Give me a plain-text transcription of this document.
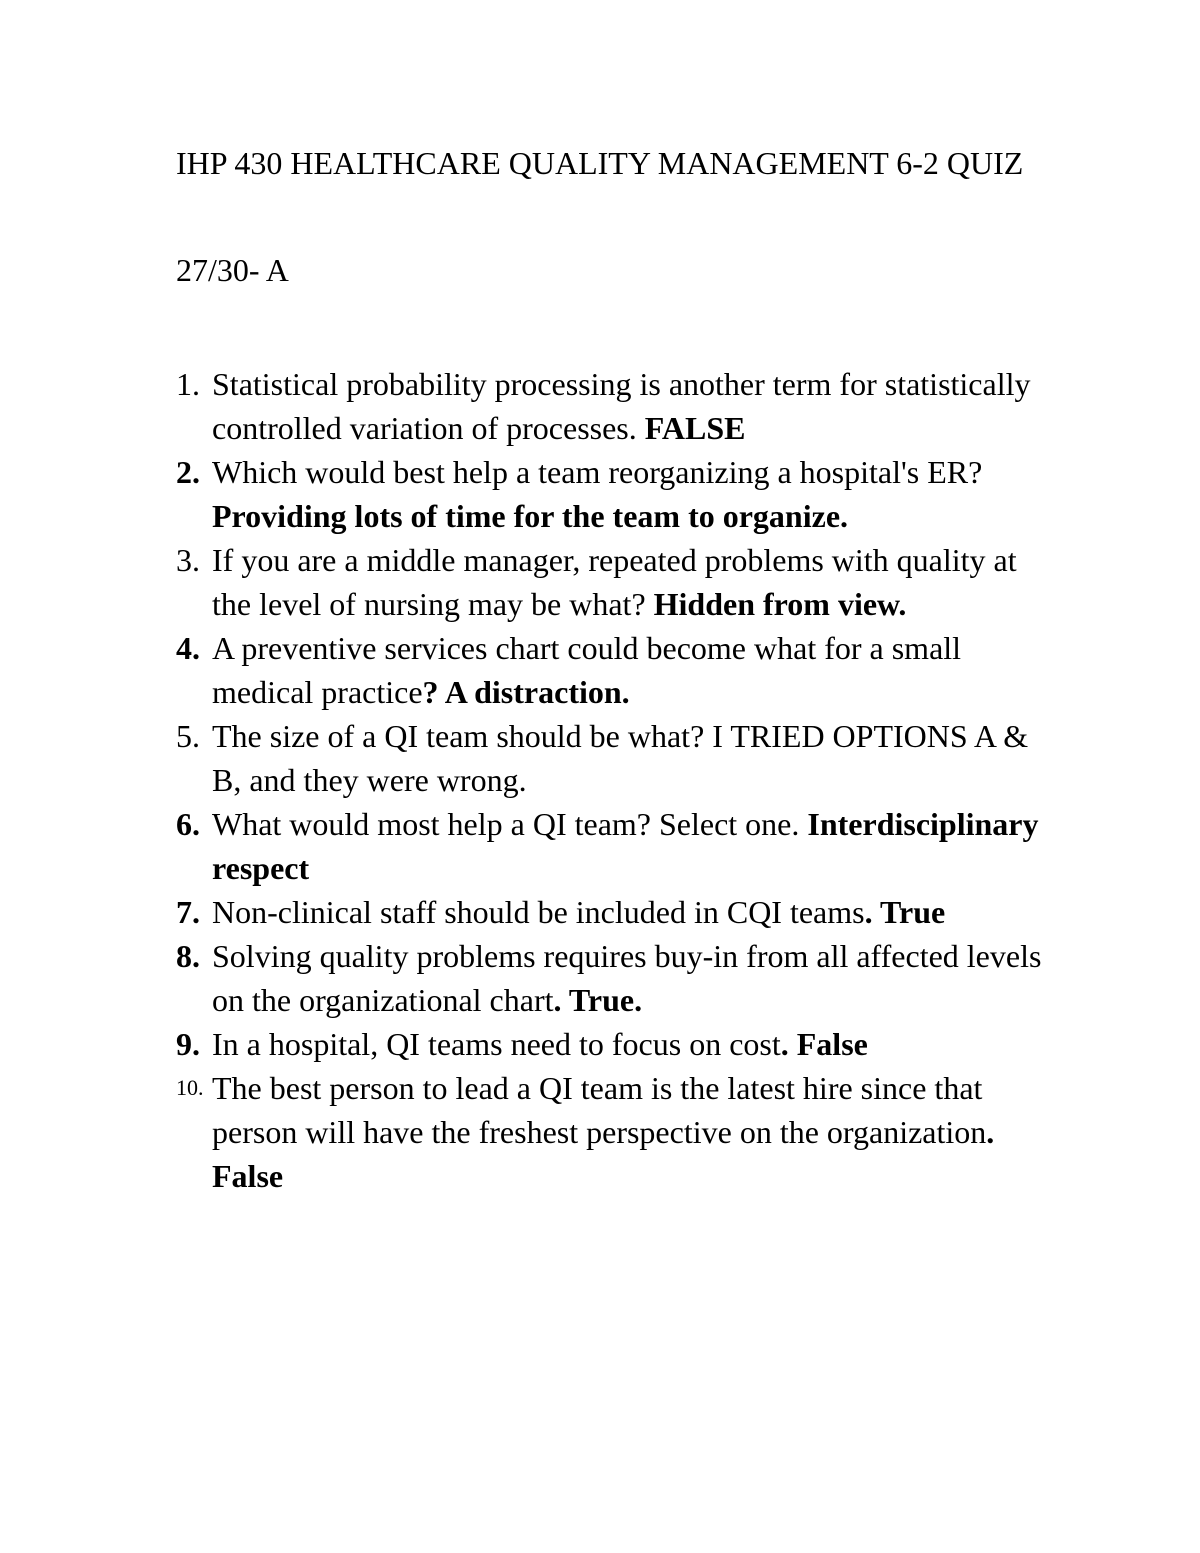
IHP 430 HEALTHCARE QUALITY MANAGEMENT 6-2 QUIZ

27/30- A

1. Statistical probability processing is another term for statistically controlled variation of processes. FALSE
2. Which would best help a team reorganizing a hospital's ER? Providing lots of time for the team to organize.
3. If you are a middle manager, repeated problems with quality at the level of nursing may be what? Hidden from view.
4. A preventive services chart could become what for a small medical practice? A distraction.
5. The size of a QI team should be what? I TRIED OPTIONS A & B, and they were wrong.
6. What would most help a QI team? Select one. Interdisciplinary respect
7. Non-clinical staff should be included in CQI teams. True
8. Solving quality problems requires buy-in from all affected levels on the organizational chart. True.
9. In a hospital, QI teams need to focus on cost. False
10. The best person to lead a QI team is the latest hire since that person will have the freshest perspective on the organization. False
